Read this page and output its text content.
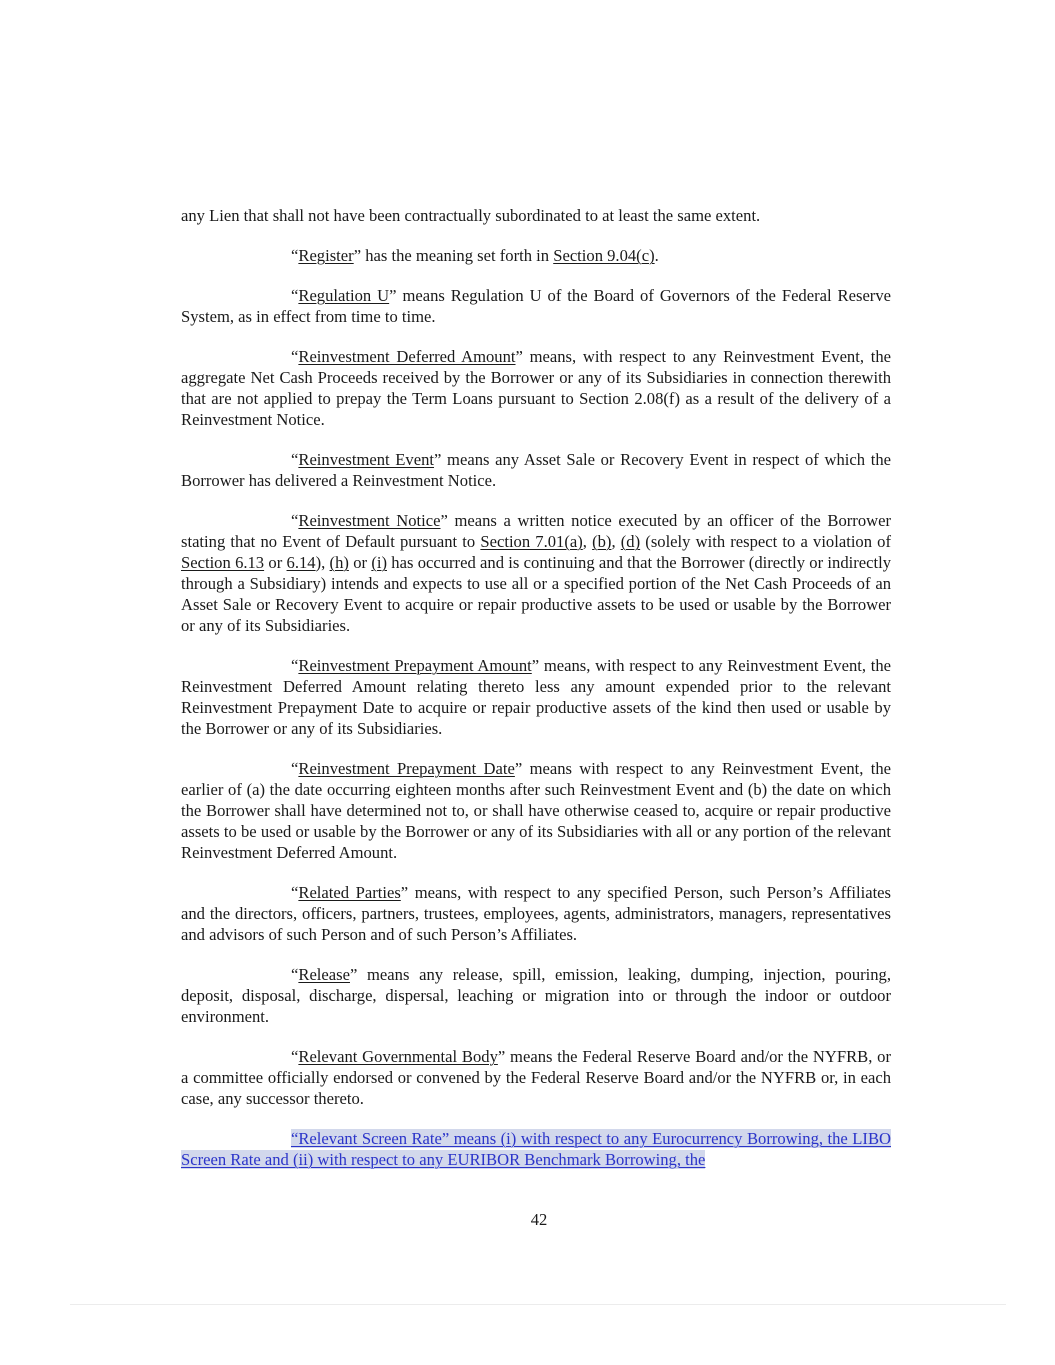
any Lien that shall not have been contractually subordinated to at least the same extent.

“Register” has the meaning set forth in Section 9.04(c).

“Regulation U” means Regulation U of the Board of Governors of the Federal Reserve System, as in effect from time to time.

“Reinvestment Deferred Amount” means, with respect to any Reinvestment Event, the aggregate Net Cash Proceeds received by the Borrower or any of its Subsidiaries in connection therewith that are not applied to prepay the Term Loans pursuant to Section 2.08(f) as a result of the delivery of a Reinvestment Notice.

“Reinvestment Event” means any Asset Sale or Recovery Event in respect of which the Borrower has delivered a Reinvestment Notice.

“Reinvestment Notice” means a written notice executed by an officer of the Borrower stating that no Event of Default pursuant to Section 7.01(a), (b), (d) (solely with respect to a violation of Section 6.13 or 6.14), (h) or (i) has occurred and is continuing and that the Borrower (directly or indirectly through a Subsidiary) intends and expects to use all or a specified portion of the Net Cash Proceeds of an Asset Sale or Recovery Event to acquire or repair productive assets to be used or usable by the Borrower or any of its Subsidiaries.

“Reinvestment Prepayment Amount” means, with respect to any Reinvestment Event, the Reinvestment Deferred Amount relating thereto less any amount expended prior to the relevant Reinvestment Prepayment Date to acquire or repair productive assets of the kind then used or usable by the Borrower or any of its Subsidiaries.

“Reinvestment Prepayment Date” means with respect to any Reinvestment Event, the earlier of (a) the date occurring eighteen months after such Reinvestment Event and (b) the date on which the Borrower shall have determined not to, or shall have otherwise ceased to, acquire or repair productive assets to be used or usable by the Borrower or any of its Subsidiaries with all or any portion of the relevant Reinvestment Deferred Amount.

“Related Parties” means, with respect to any specified Person, such Person’s Affiliates and the directors, officers, partners, trustees, employees, agents, administrators, managers, representatives and advisors of such Person and of such Person’s Affiliates.

“Release” means any release, spill, emission, leaking, dumping, injection, pouring, deposit, disposal, discharge, dispersal, leaching or migration into or through the indoor or outdoor environment.

“Relevant Governmental Body” means the Federal Reserve Board and/or the NYFRB, or a committee officially endorsed or convened by the Federal Reserve Board and/or the NYFRB or, in each case, any successor thereto.

“Relevant Screen Rate” means (i) with respect to any Eurocurrency Borrowing, the LIBO Screen Rate and (ii) with respect to any EURIBOR Benchmark Borrowing, the

42
